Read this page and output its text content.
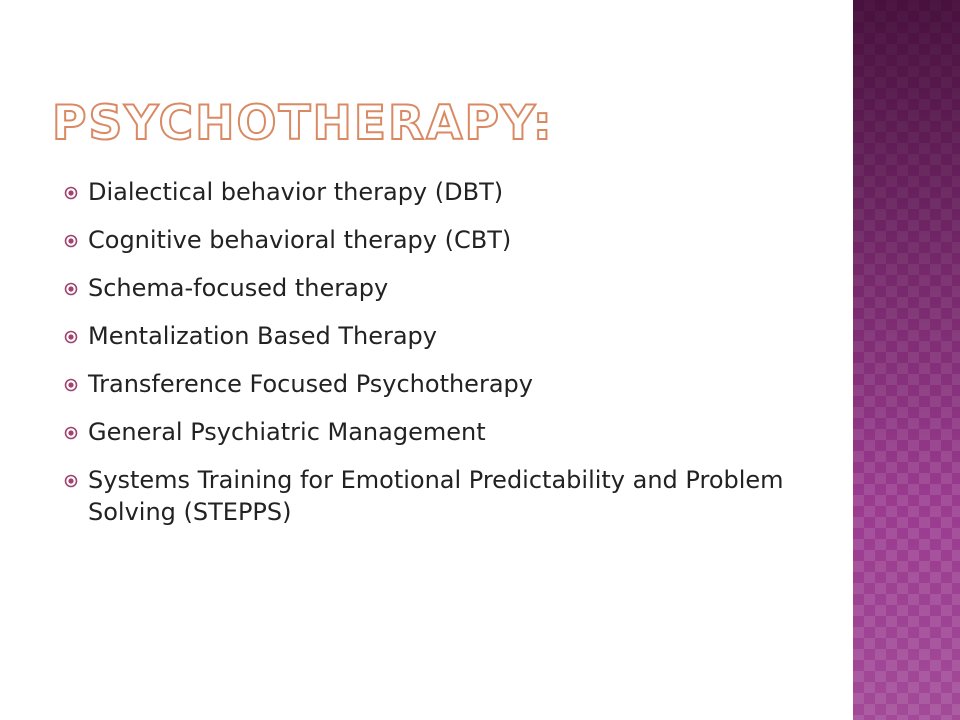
PSYCHOTHERAPY:
Dialectical behavior therapy (DBT)
Cognitive behavioral therapy (CBT)
Schema-focused therapy
Mentalization Based Therapy
Transference Focused Psychotherapy
General Psychiatric Management
Systems Training for Emotional Predictability and Problem Solving (STEPPS)
